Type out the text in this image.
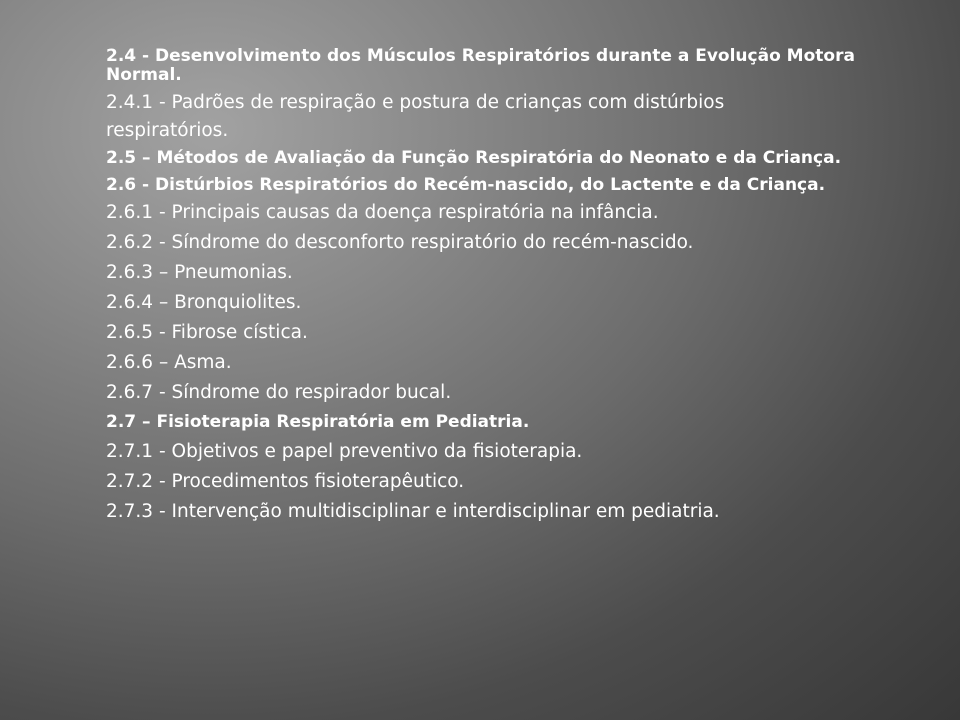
2.4 - Desenvolvimento dos Músculos Respiratórios durante a Evolução Motora Normal.
2.4.1 - Padrões de respiração e postura de crianças com distúrbios
respiratórios.
2.5 – Métodos de Avaliação da Função Respiratória do Neonato e da Criança.
2.6 - Distúrbios Respiratórios do Recém-nascido, do Lactente e da Criança.
2.6.1 - Principais causas da doença respiratória na infância.
2.6.2 - Síndrome do desconforto respiratório do recém-nascido.
2.6.3 – Pneumonias.
2.6.4 – Bronquiolites.
2.6.5 - Fibrose cística.
2.6.6 – Asma.
2.6.7 - Síndrome do respirador bucal.
2.7 – Fisioterapia Respiratória em Pediatria.
2.7.1 - Objetivos e papel preventivo da fisioterapia.
2.7.2 - Procedimentos fisioterapêutico.
2.7.3 - Intervenção multidisciplinar e interdisciplinar em pediatria.
